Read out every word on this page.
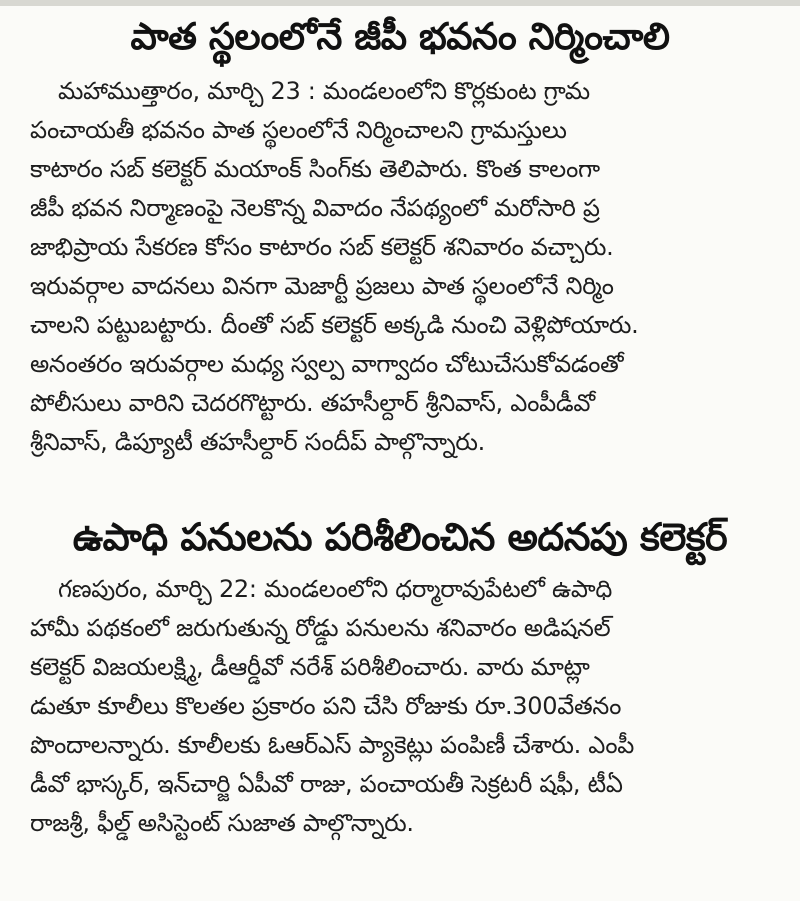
పాత స్థలంలోనే జీపీ భవనం నిర్మించాలి
మహాముత్తారం, మార్చి 23 : మండలంలోని కొర్లకుంట గ్రామ
పంచాయతీ భవనం పాత స్థలంలోనే నిర్మించాలని గ్రామస్తులు
కాటారం సబ్ కలెక్టర్ మయాంక్ సింగ్‌కు తెలిపారు. కొంత కాలంగా
జీపీ భవన నిర్మాణంపై నెలకొన్న వివాదం నేపథ్యంలో మరోసారి ప్ర
జాభిప్రాయ సేకరణ కోసం కాటారం సబ్ కలెక్టర్ శనివారం వచ్చారు.
ఇరువర్గాల వాదనలు వినగా మెజార్టీ ప్రజలు పాత స్థలంలోనే నిర్మిం
చాలని పట్టుబట్టారు. దీంతో సబ్ కలెక్టర్ అక్కడి నుంచి వెళ్లిపోయారు.
అనంతరం ఇరువర్గాల మధ్య స్వల్ప వాగ్వాదం చోటుచేసుకోవడంతో
పోలీసులు వారిని చెదరగొట్టారు. తహసీల్దార్ శ్రీనివాస్, ఎంపీడీవో
శ్రీనివాస్, డిప్యూటీ తహసీల్దార్ సందీప్ పాల్గొన్నారు.
ఉపాధి పనులను పరిశీలించిన అదనపు కలెక్టర్
గణపురం, మార్చి 22: మండలంలోని ధర్మారావుపేటలో ఉపాధి
హామీ పథకంలో జరుగుతున్న రోడ్డు పనులను శనివారం అడిషనల్
కలెక్టర్ విజయలక్ష్మి, డీఆర్డీవో నరేశ్ పరిశీలించారు. వారు మాట్లా
డుతూ కూలీలు కొలతల ప్రకారం పని చేసి రోజుకు రూ.300వేతనం
పొందాలన్నారు. కూలీలకు ఓఆర్ఎస్ ప్యాకెట్లు పంపిణీ చేశారు. ఎంపీ
డీవో భాస్కర్, ఇన్‌చార్జి ఏపీవో రాజు, పంచాయతీ సెక్రటరీ షఫీ, టీఏ
రాజశ్రీ, ఫీల్డ్ అసిస్టెంట్ సుజాత పాల్గొన్నారు.
